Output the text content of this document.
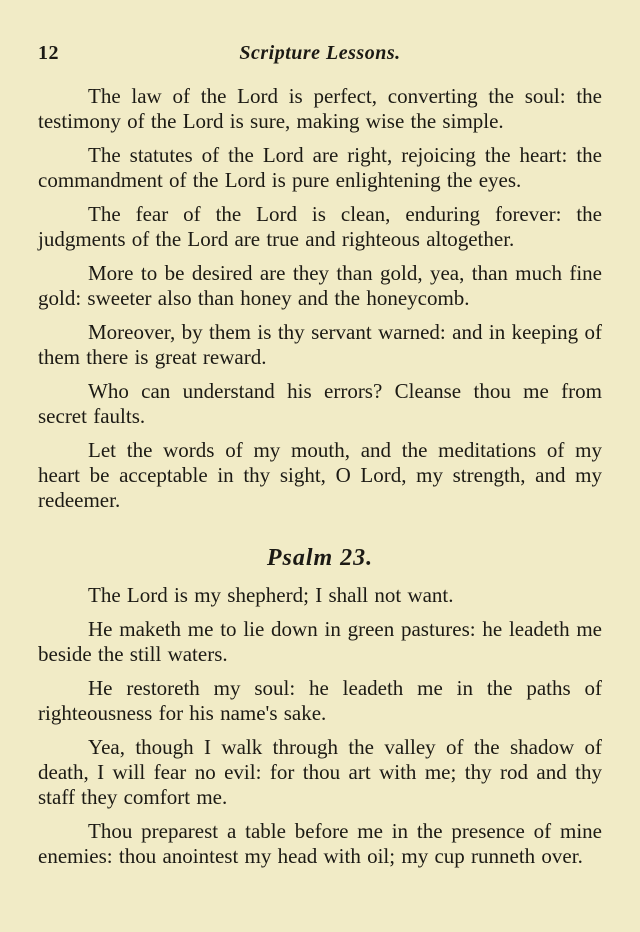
12	Scripture Lessons.

The law of the Lord is perfect, converting the soul: the testimony of the Lord is sure, making wise the simple.

The statutes of the Lord are right, rejoicing the heart: the commandment of the Lord is pure enlightening the eyes.

The fear of the Lord is clean, enduring forever: the judgments of the Lord are true and righteous altogether.

More to be desired are they than gold, yea, than much fine gold: sweeter also than honey and the honeycomb.

Moreover, by them is thy servant warned: and in keeping of them there is great reward.

Who can understand his errors? Cleanse thou me from secret faults.

Let the words of my mouth, and the meditations of my heart be acceptable in thy sight, O Lord, my strength, and my redeemer.

Psalm 23.

The Lord is my shepherd; I shall not want.

He maketh me to lie down in green pastures: he leadeth me beside the still waters.

He restoreth my soul: he leadeth me in the paths of righteousness for his name's sake.

Yea, though I walk through the valley of the shadow of death, I will fear no evil: for thou art with me; thy rod and thy staff they comfort me.

Thou preparest a table before me in the presence of mine enemies: thou anointest my head with oil; my cup runneth over.
